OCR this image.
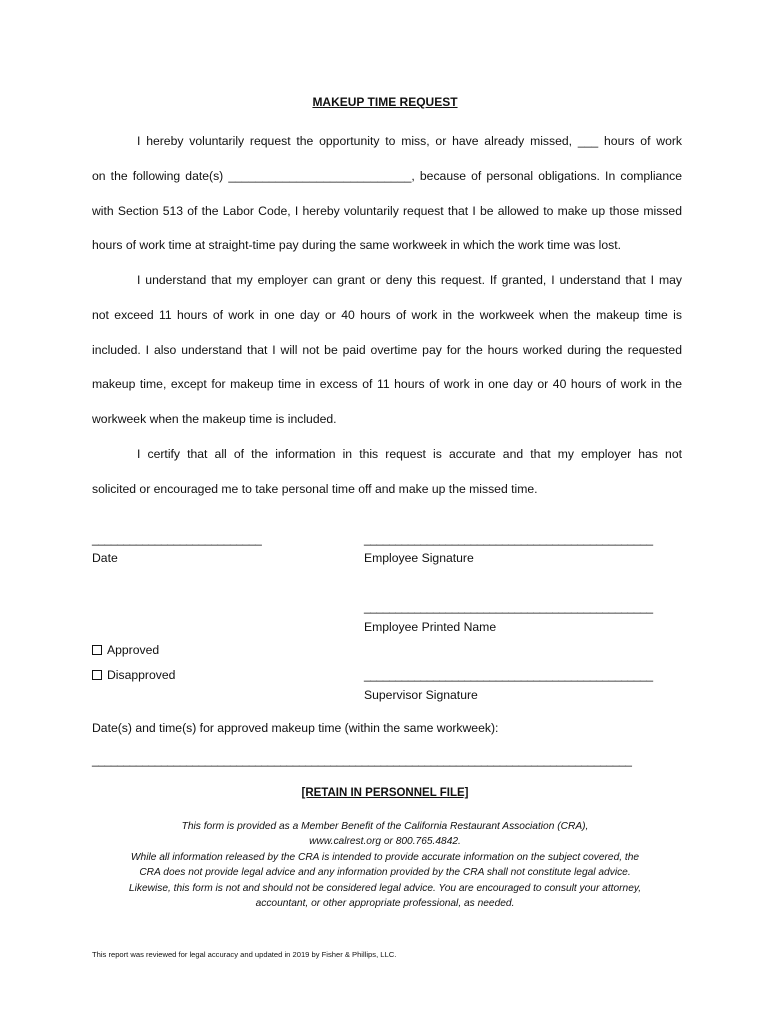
MAKEUP TIME REQUEST
I hereby voluntarily request the opportunity to miss, or have already missed, ___ hours of work
on the following date(s) ___________________________, because of personal obligations. In compliance
with Section 513 of the Labor Code, I hereby voluntarily request that I be allowed to make up those missed
hours of work time at straight-time pay during the same workweek in which the work time was lost.
I understand that my employer can grant or deny this request. If granted, I understand that I may
not exceed 11 hours of work in one day or 40 hours of work in the workweek when the makeup time is
included. I also understand that I will not be paid overtime pay for the hours worked during the requested
makeup time, except for makeup time in excess of 11 hours of work in one day or 40 hours of work in the
workweek when the makeup time is included.
I certify that all of the information in this request is accurate and that my employer has not
solicited or encouraged me to take personal time off and make up the missed time.
___________________________
Date
______________________________________________
Employee Signature
______________________________________________
Employee Printed Name
Approved
Disapproved	______________________________________________
Supervisor Signature
Date(s) and time(s) for approved makeup time (within the same workweek):
______________________________________________________________________________________
[RETAIN IN PERSONNEL FILE]
This form is provided as a Member Benefit of the California Restaurant Association (CRA),
www.calrest.org or 800.765.4842.
While all information released by the CRA is intended to provide accurate information on the subject covered, the
CRA does not provide legal advice and any information provided by the CRA shall not constitute legal advice.
Likewise, this form is not and should not be considered legal advice. You are encouraged to consult your attorney,
accountant, or other appropriate professional, as needed.
This report was reviewed for legal accuracy and updated in 2019 by Fisher & Phillips, LLC.
